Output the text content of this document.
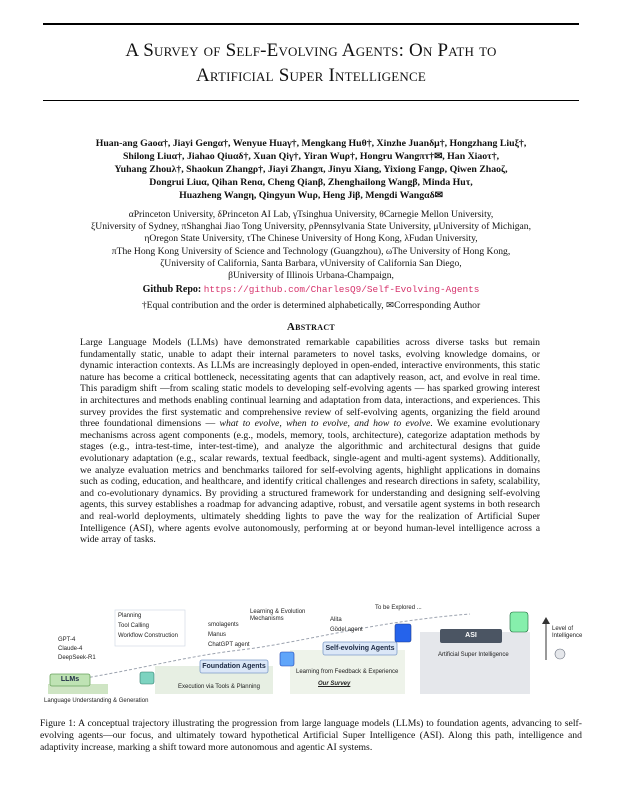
A Survey of Self-Evolving Agents: On Path to
Artificial Super Intelligence
Huan-ang Gaoα†, Jiayi Gengα†, Wenyue Huaγ†, Mengkang Huθ†, Xinzhe Juanδμ†, Hongzhang Liuξ†,
Shilong Liuα†, Jiahao Qiuαδ†, Xuan Qiγ†, Yiran Wuρ†, Hongru Wangπτ†✉, Han Xiaoτ†,
Yuhang Zhouλ†, Shaokun Zhangρ†, Jiayi Zhangπ, Jinyu Xiang, Yixiong Fangρ, Qiwen Zhaoζ,
Dongrui Liuα, Qihan Renα, Cheng Qianβ, Zhenghailong Wangβ, Minda Huτ,
Huazheng Wangη, Qingyun Wuρ, Heng Jiβ, Mengdi Wangαδ✉
αPrinceton University, δPrinceton AI Lab, γTsinghua University, θCarnegie Mellon University,
ξUniversity of Sydney, πShanghai Jiao Tong University, ρPennsylvania State University, μUniversity of Michigan,
ηOregon State University, τThe Chinese University of Hong Kong, λFudan University,
πThe Hong Kong University of Science and Technology (Guangzhou), ωThe University of Hong Kong,
ζUniversity of California, Santa Barbara, νUniversity of California San Diego,
βUniversity of Illinois Urbana-Champaign,
Github Repo: https://github.com/CharlesQ9/Self-Evolving-Agents
†Equal contribution and the order is determined alphabetically, ✉Corresponding Author
Abstract
Large Language Models (LLMs) have demonstrated remarkable capabilities across diverse tasks but remain fundamentally static, unable to adapt their internal parameters to novel tasks, evolving knowledge domains, or dynamic interaction contexts. As LLMs are increasingly deployed in open-ended, interactive environments, this static nature has become a critical bottleneck, necessitating agents that can adaptively reason, act, and evolve in real time. This paradigm shift —from scaling static models to developing self-evolving agents — has sparked growing interest in architectures and methods enabling continual learning and adaptation from data, interactions, and experiences. This survey provides the first systematic and comprehensive review of self-evolving agents, organizing the field around three foundational dimensions — what to evolve, when to evolve, and how to evolve. We examine evolutionary mechanisms across agent components (e.g., models, memory, tools, architecture), categorize adaptation methods by stages (e.g., intra-test-time, inter-test-time), and analyze the algorithmic and architectural designs that guide evolutionary adaptation (e.g., scalar rewards, textual feedback, single-agent and multi-agent systems). Additionally, we analyze evaluation metrics and benchmarks tailored for self-evolving agents, highlight applications in domains such as coding, education, and healthcare, and identify critical challenges and research directions in safety, scalability, and co-evolutionary dynamics. By providing a structured framework for understanding and designing self-evolving agents, this survey establishes a roadmap for advancing adaptive, robust, and versatile agent systems in both research and real-world deployments, ultimately shedding lights to pave the way for the realization of Artificial Super Intelligence (ASI), where agents evolve autonomously, performing at or beyond human-level intelligence across a wide array of tasks.
LLMs
GPT-4
Claude-4
DeepSeek-R1
Language Understanding & Generation
Planning
Tool Calling
Workflow Construction
Foundation Agents
smolagents
Manus
ChatGPT agent
Execution via Tools & Planning
Learning & Evolution Mechanisms
Self-evolving Agents
Alita
Gödel agent
Learning from Feedback & Experience
Our Survey
To be Explored ...
ASI
Artificial Super Intelligence
Level of Intelligence
Figure 1: A conceptual trajectory illustrating the progression from large language models (LLMs) to foundation agents, advancing to self-evolving agents—our focus, and ultimately toward hypothetical Artificial Super Intelligence (ASI). Along this path, intelligence and adaptivity increase, marking a shift toward more autonomous and agentic AI systems.
